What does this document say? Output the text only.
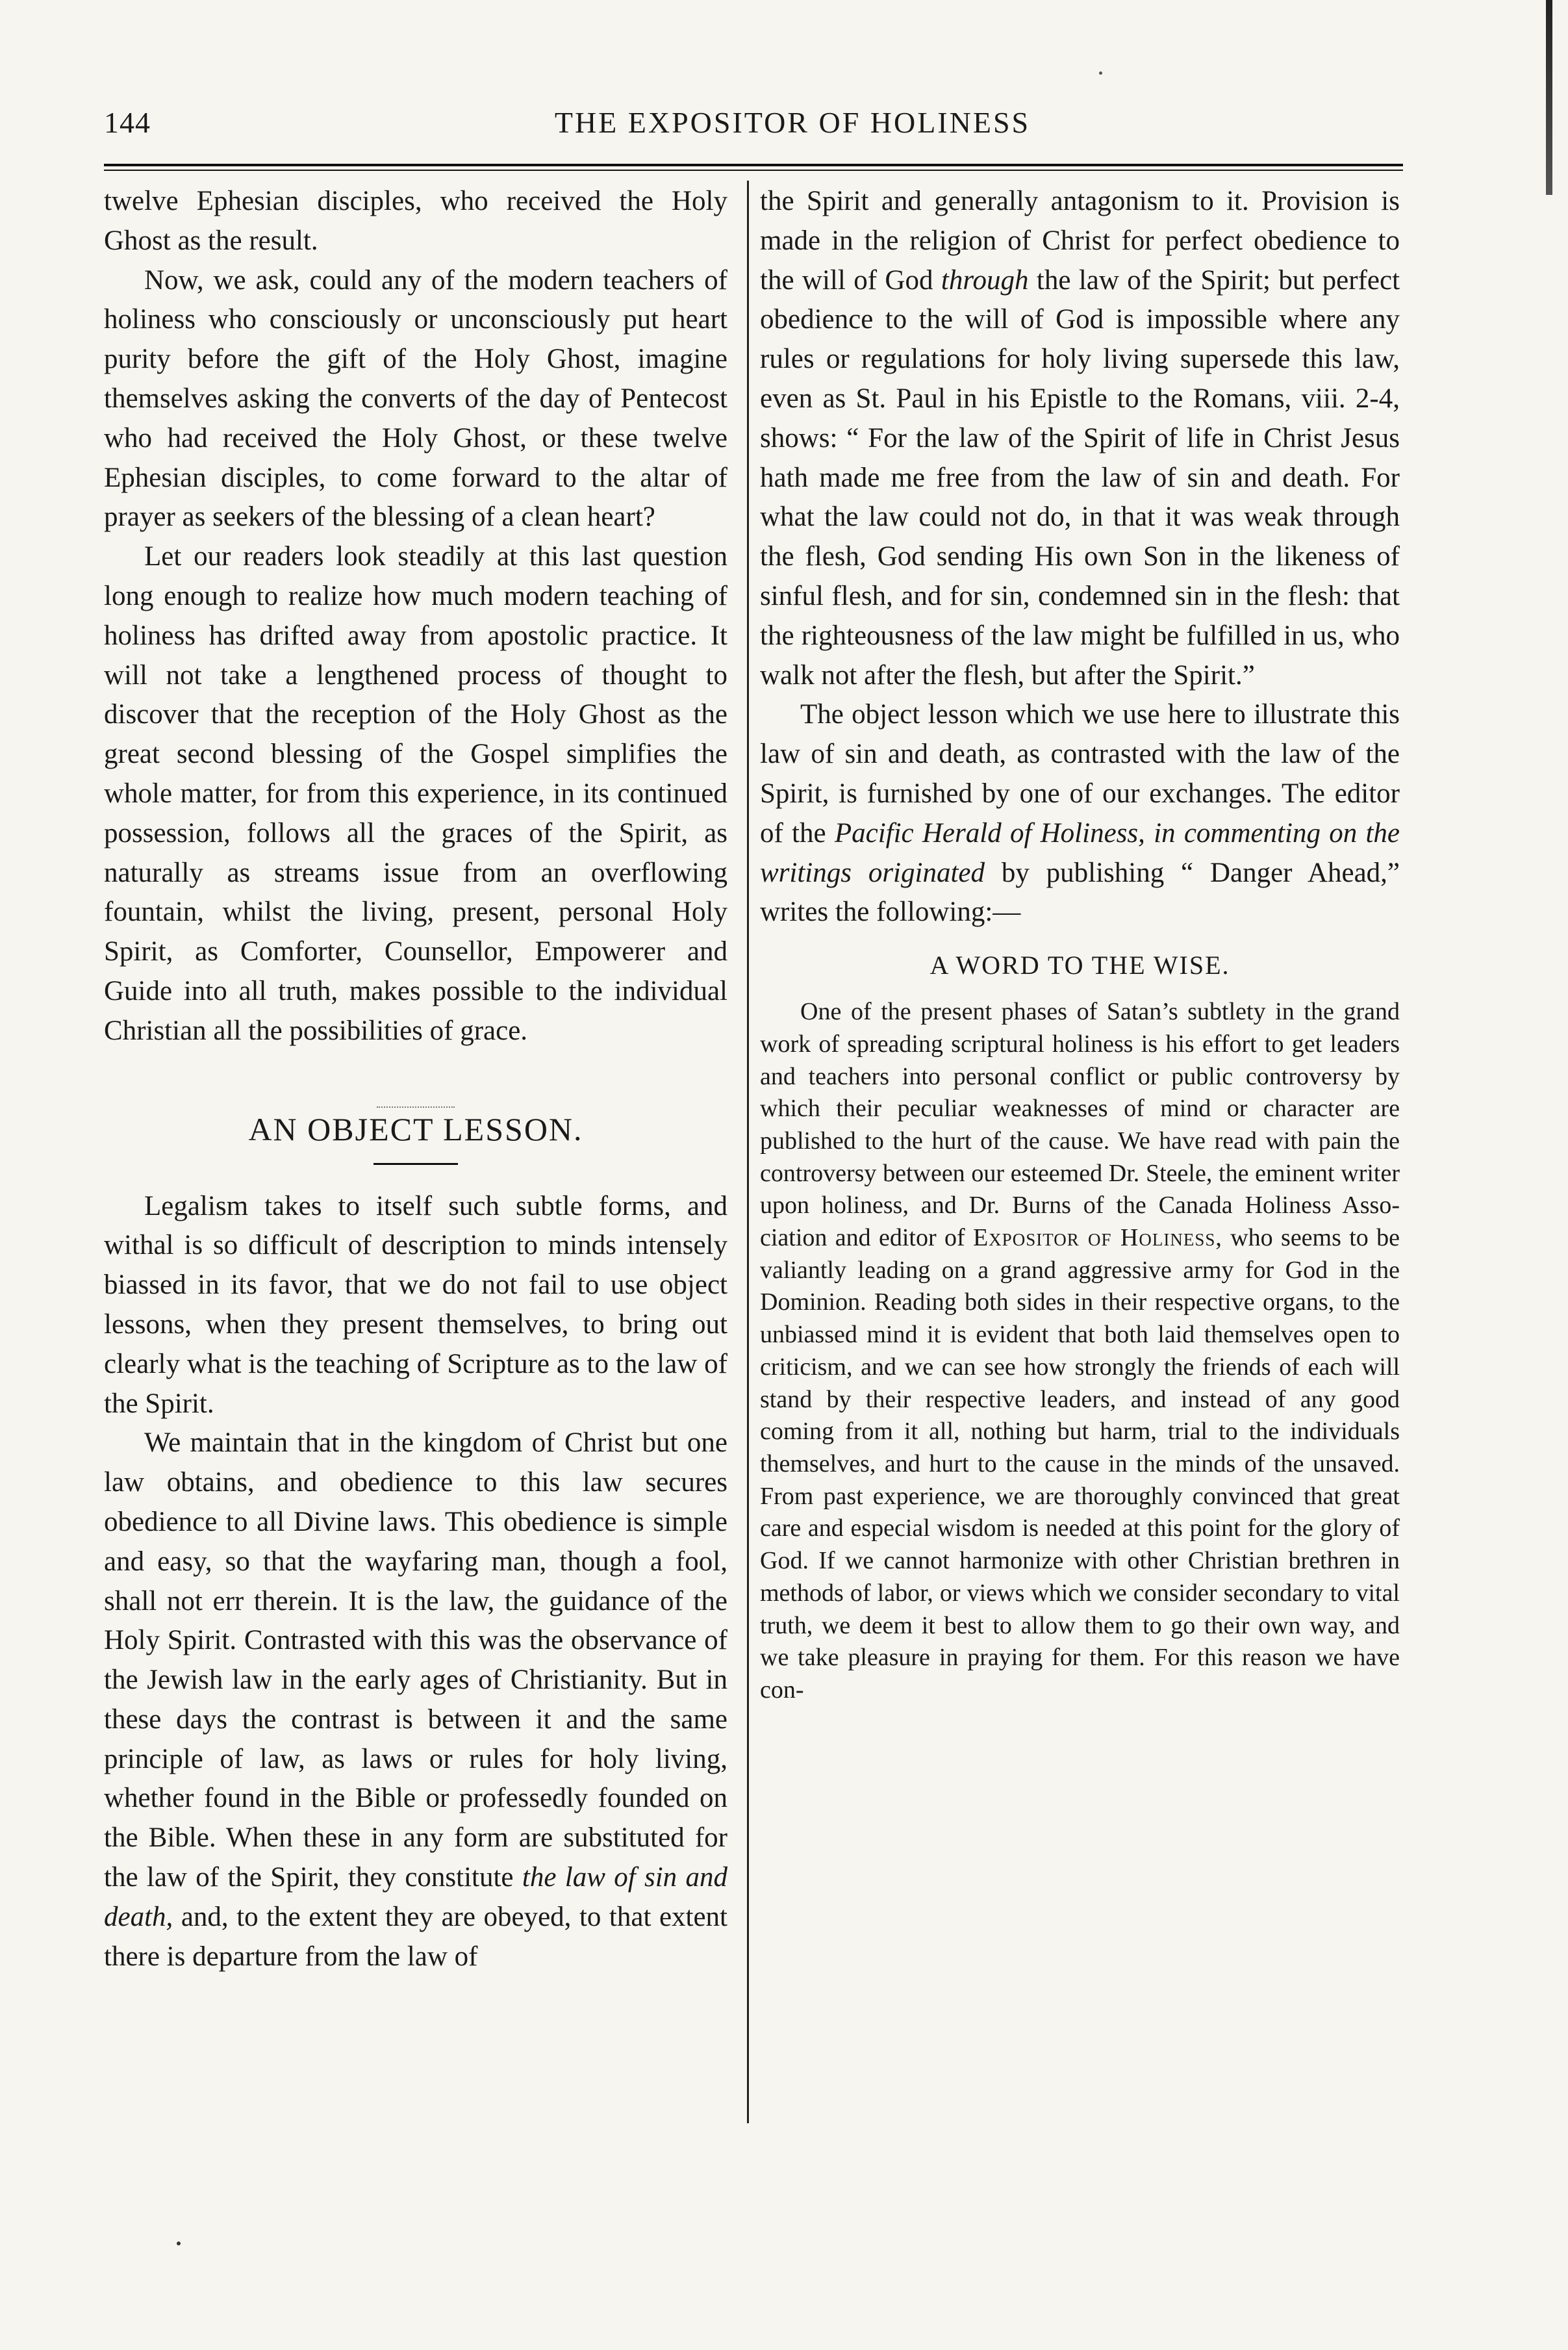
144	THE EXPOSITOR OF HOLINESS

twelve Ephesian disciples, who received the Holy Ghost as the result.

Now, we ask, could any of the modern teachers of holiness who consciously or unconsciously put heart purity before the gift of the Holy Ghost, imagine themselves asking the converts of the day of Pentecost who had received the Holy Ghost, or these twelve Ephesian disciples, to come forward to the altar of prayer as seekers of the blessing of a clean heart?

Let our readers look steadily at this last question long enough to realize how much modern teaching of holiness has drifted away from apostolic practice. It will not take a lengthened process of thought to discover that the reception of the Holy Ghost as the great second blessing of the Gospel simplifies the whole matter, for from this experience, in its continued possession, follows all the graces of the Spirit, as naturally as streams issue from an overflowing fountain, whilst the living, present, personal Holy Spirit, as Comforter, Counsellor, Empowerer and Guide into all truth, makes possible to the individual Christian all the possibilities of grace.

AN OBJECT LESSON.

Legalism takes to itself such subtle forms, and withal is so difficult of description to minds intensely biassed in its favor, that we do not fail to use object lessons, when they present themselves, to bring out clearly what is the teaching of Scripture as to the law of the Spirit.

We maintain that in the kingdom of Christ but one law obtains, and obedience to this law secures obedience to all Divine laws. This obedience is simple and easy, so that the wayfaring man, though a fool, shall not err therein. It is the law, the guidance of the Holy Spirit. Contrasted with this was the observance of the Jewish law in the early ages of Christianity. But in these days the contrast is between it and the same principle of law, as laws or rules for holy living, whether found in the Bible or professedly founded on the Bible. When these in any form are substituted for the law of the Spirit, they constitute the law of sin and death, and, to the extent they are obeyed, to that extent there is departure from the law of

the Spirit and generally antagonism to it. Provision is made in the religion of Christ for perfect obedience to the will of God through the law of the Spirit; but perfect obedience to the will of God is impossible where any rules or regulations for holy living supersede this law, even as St. Paul in his Epistle to the Romans, viii. 2-4, shows: “ For the law of the Spirit of life in Christ Jesus hath made me free from the law of sin and death. For what the law could not do, in that it was weak through the flesh, God sending His own Son in the likeness of sinful flesh, and for sin, condemned sin in the flesh: that the righteousness of the law might be fulfilled in us, who walk not after the flesh, but after the Spirit.”

The object lesson which we use here to illustrate this law of sin and death, as contrasted with the law of the Spirit, is furnished by one of our exchanges. The editor of the Pacific Herald of Holiness, in commenting on the writings originated by publishing “ Danger Ahead,” writes the following:—

A WORD TO THE WISE.

One of the present phases of Satan’s subtlety in the grand work of spreading scriptural holiness is his effort to get leaders and teachers into personal conflict or public controversy by which their peculiar weaknesses of mind or character are published to the hurt of the cause. We have read with pain the controversy between our esteemed Dr. Steele, the eminent writer upon holiness, and Dr. Burns of the Canada Holiness Association and editor of Expositor of Holiness, who seems to be valiantly leading on a grand aggressive army for God in the Dominion. Reading both sides in their respective organs, to the unbiassed mind it is evident that both laid themselves open to criticism, and we can see how strongly the friends of each will stand by their respective leaders, and instead of any good coming from it all, nothing but harm, trial to the individuals themselves, and hurt to the cause in the minds of the unsaved. From past experience, we are thoroughly convinced that great care and especial wisdom is needed at this point for the glory of God. If we cannot harmonize with other Christian brethren in methods of labor, or views which we consider secondary to vital truth, we deem it best to allow them to go their own way, and we take pleasure in praying for them. For this reason we have con-
